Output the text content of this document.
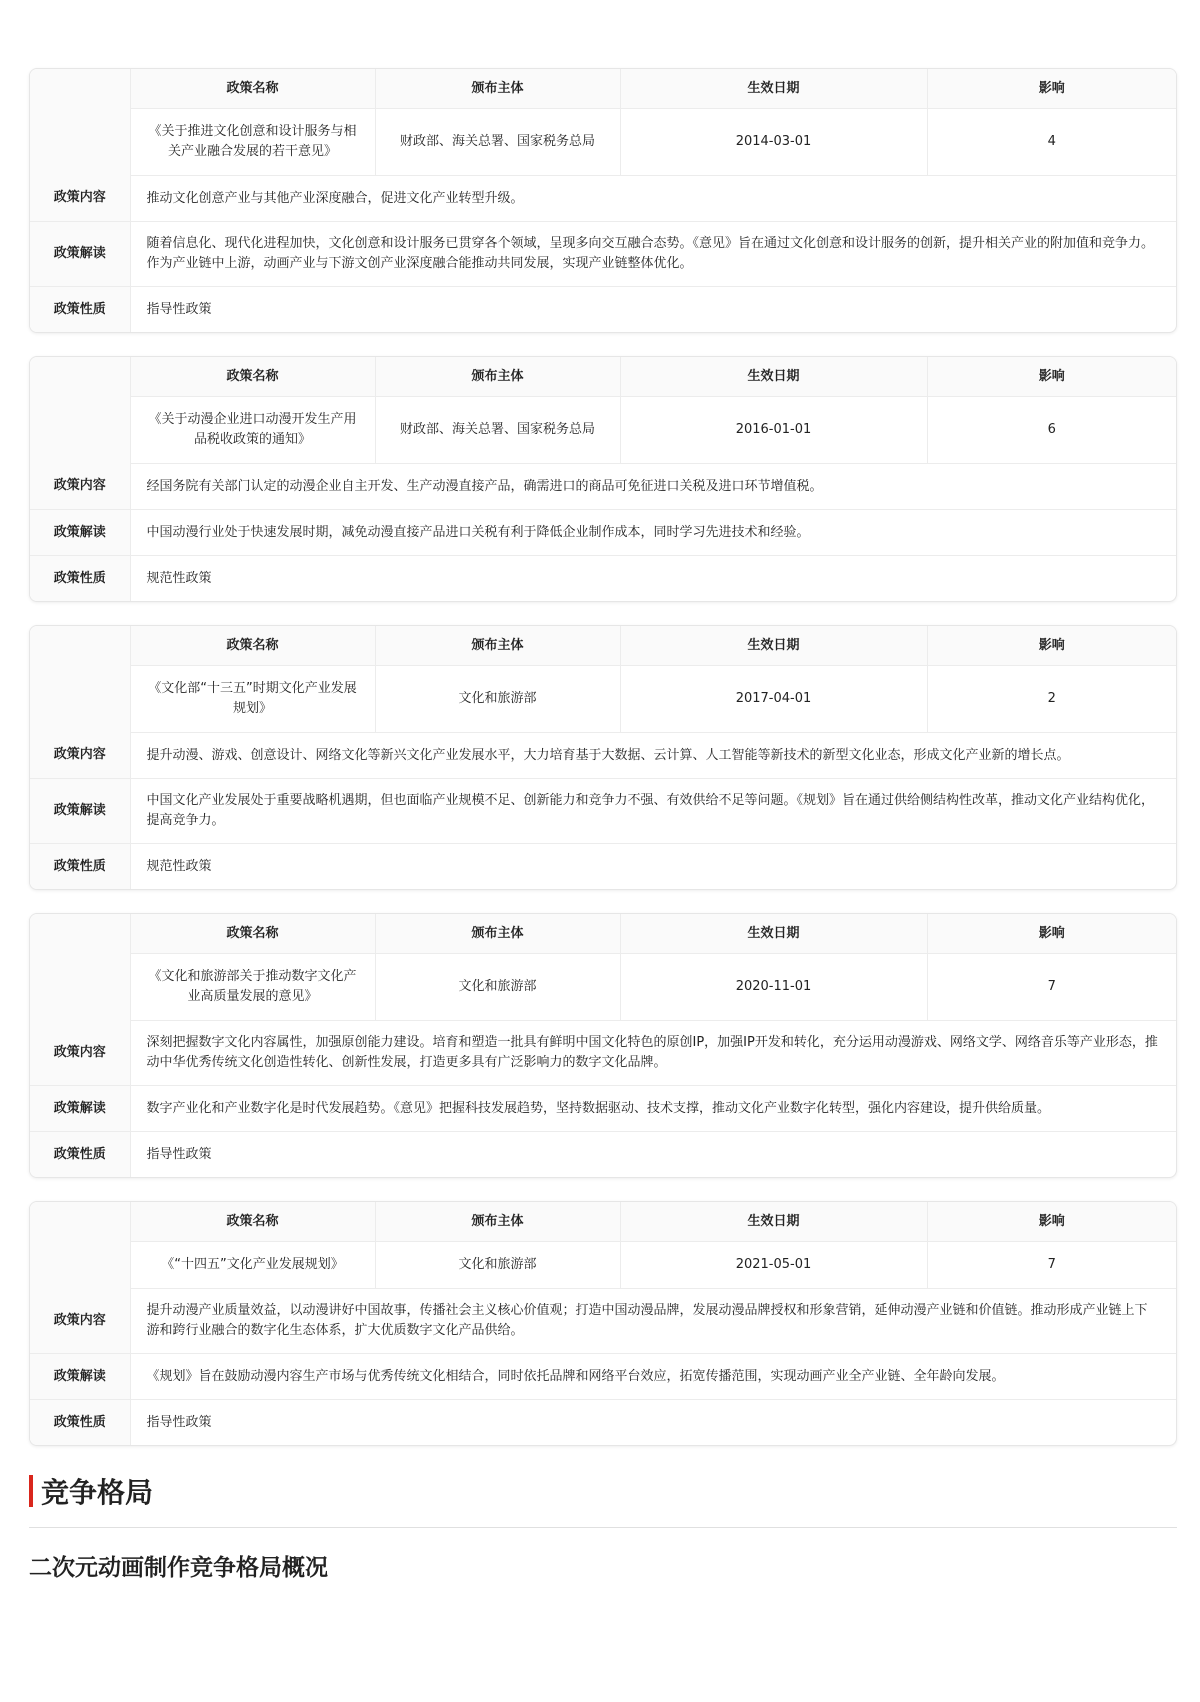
	政策名称	颁布主体	生效日期	影响
	《关于推进文化创意和设计服务与相关产业融合发展的若干意见》	财政部、海关总署、国家税务总局	2014-03-01	4
政策内容	推动文化创意产业与其他产业深度融合，促进文化产业转型升级。			
政策解读	随着信息化、现代化进程加快，文化创意和设计服务已贯穿各个领域，呈现多向交互融合态势。《意见》旨在通过文化创意和设计服务的创新，提升相关产业的附加值和竞争力。作为产业链中上游，动画产业与下游文创产业深度融合能推动共同发展，实现产业链整体优化。			
政策性质	指导性政策			
	政策名称	颁布主体	生效日期	影响
	《关于动漫企业进口动漫开发生产用品税收政策的通知》	财政部、海关总署、国家税务总局	2016-01-01	6
政策内容	经国务院有关部门认定的动漫企业自主开发、生产动漫直接产品，确需进口的商品可免征进口关税及进口环节增值税。			
政策解读	中国动漫行业处于快速发展时期，减免动漫直接产品进口关税有利于降低企业制作成本，同时学习先进技术和经验。			
政策性质	规范性政策			
	政策名称	颁布主体	生效日期	影响
	《文化部“十三五”时期文化产业发展规划》	文化和旅游部	2017-04-01	2
政策内容	提升动漫、游戏、创意设计、网络文化等新兴文化产业发展水平，大力培育基于大数据、云计算、人工智能等新技术的新型文化业态，形成文化产业新的增长点。			
政策解读	中国文化产业发展处于重要战略机遇期，但也面临产业规模不足、创新能力和竞争力不强、有效供给不足等问题。《规划》旨在通过供给侧结构性改革，推动文化产业结构优化，提高竞争力。			
政策性质	规范性政策			
	政策名称	颁布主体	生效日期	影响
	《文化和旅游部关于推动数字文化产业高质量发展的意见》	文化和旅游部	2020-11-01	7
政策内容	深刻把握数字文化内容属性，加强原创能力建设。培育和塑造一批具有鲜明中国文化特色的原创IP，加强IP开发和转化，充分运用动漫游戏、网络文学、网络音乐等产业形态，推动中华优秀传统文化创造性转化、创新性发展，打造更多具有广泛影响力的数字文化品牌。			
政策解读	数字产业化和产业数字化是时代发展趋势。《意见》把握科技发展趋势，坚持数据驱动、技术支撑，推动文化产业数字化转型，强化内容建设，提升供给质量。			
政策性质	指导性政策			
	政策名称	颁布主体	生效日期	影响
	《“十四五”文化产业发展规划》	文化和旅游部	2021-05-01	7
政策内容	提升动漫产业质量效益，以动漫讲好中国故事，传播社会主义核心价值观；打造中国动漫品牌，发展动漫品牌授权和形象营销，延伸动漫产业链和价值链。推动形成产业链上下游和跨行业融合的数字化生态体系，扩大优质数字文化产品供给。			
政策解读	《规划》旨在鼓励动漫内容生产市场与优秀传统文化相结合，同时依托品牌和网络平台效应，拓宽传播范围，实现动画产业全产业链、全年龄向发展。			
政策性质	指导性政策			
竞争格局
二次元动画制作竞争格局概况
